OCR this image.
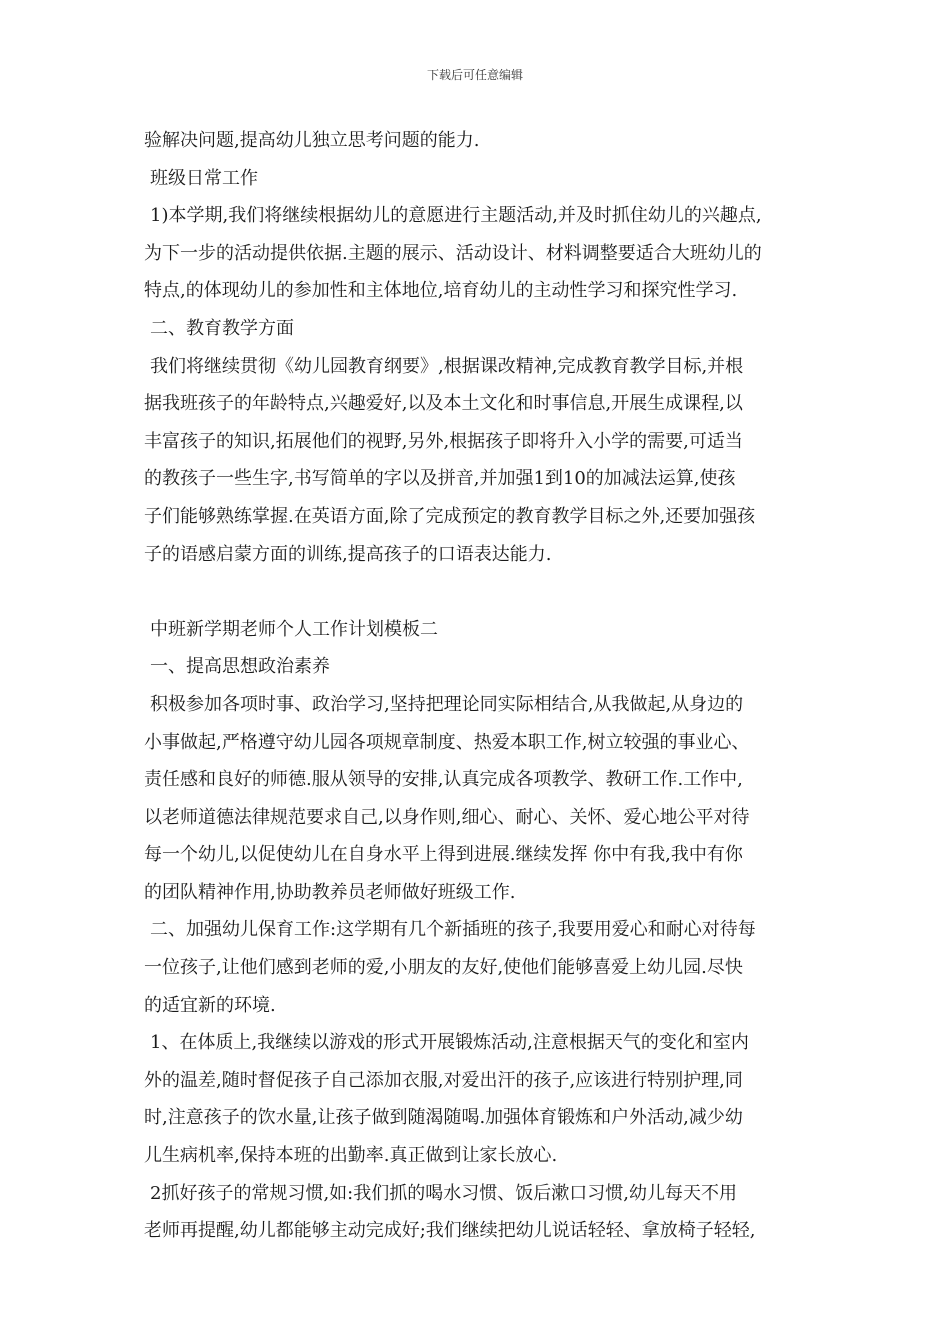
下载后可任意编辑
验解决问题,提高幼儿独立思考问题的能力.
班级日常工作
1)本学期,我们将继续根据幼儿的意愿进行主题活动,并及时抓住幼儿的兴趣点,
为下一步的活动提供依据.主题的展示、活动设计、材料调整要适合大班幼儿的
特点,的体现幼儿的参加性和主体地位,培育幼儿的主动性学习和探究性学习.
二、教育教学方面
我们将继续贯彻《幼儿园教育纲要》,根据课改精神,完成教育教学目标,并根
据我班孩子的年龄特点,兴趣爱好,以及本土文化和时事信息,开展生成课程,以
丰富孩子的知识,拓展他们的视野,另外,根据孩子即将升入小学的需要,可适当
的教孩子一些生字,书写简单的字以及拼音,并加强1到10的加减法运算,使孩
子们能够熟练掌握.在英语方面,除了完成预定的教育教学目标之外,还要加强孩
子的语感启蒙方面的训练,提高孩子的口语表达能力.
中班新学期老师个人工作计划模板二
一、提高思想政治素养
积极参加各项时事、政治学习,坚持把理论同实际相结合,从我做起,从身边的
小事做起,严格遵守幼儿园各项规章制度、热爱本职工作,树立较强的事业心、
责任感和良好的师德.服从领导的安排,认真完成各项教学、教研工作.工作中,
以老师道德法律规范要求自己,以身作则,细心、耐心、关怀、爱心地公平对待
每一个幼儿,以促使幼儿在自身水平上得到进展.继续发挥 你中有我,我中有你
的团队精神作用,协助教养员老师做好班级工作.
二、加强幼儿保育工作:这学期有几个新插班的孩子,我要用爱心和耐心对待每
一位孩子,让他们感到老师的爱,小朋友的友好,使他们能够喜爱上幼儿园.尽快
的适宜新的环境.
1、在体质上,我继续以游戏的形式开展锻炼活动,注意根据天气的变化和室内
外的温差,随时督促孩子自己添加衣服,对爱出汗的孩子,应该进行特别护理,同
时,注意孩子的饮水量,让孩子做到随渴随喝.加强体育锻炼和户外活动,减少幼
儿生病机率,保持本班的出勤率.真正做到让家长放心.
2抓好孩子的常规习惯,如:我们抓的喝水习惯、饭后漱口习惯,幼儿每天不用
老师再提醒,幼儿都能够主动完成好;我们继续把幼儿说话轻轻、拿放椅子轻轻,
